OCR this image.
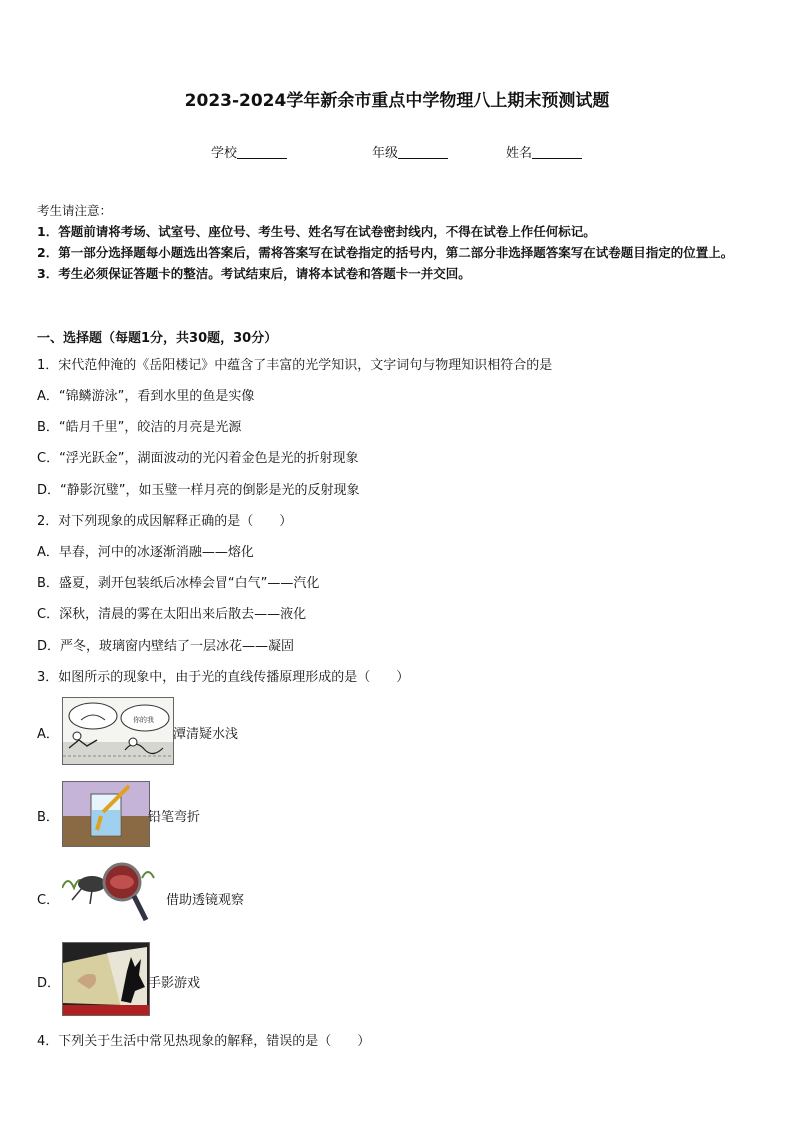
2023-2024学年新余市重点中学物理八上期末预测试题
学校	年级	姓名
考生请注意：
1．答题前请将考场、试室号、座位号、考生号、姓名写在试卷密封线内，不得在试卷上作任何标记。
2．第一部分选择题每小题选出答案后，需将答案写在试卷指定的括号内，第二部分非选择题答案写在试卷题目指定的位置上。
3．考生必须保证答题卡的整洁。考试结束后，请将本试卷和答题卡一并交回。
一、选择题（每题1分，共30题，30分）
1．宋代范仲淹的《岳阳楼记》中蕴含了丰富的光学知识，文字词句与物理知识相符合的是
A．“锦鳞游泳”，看到水里的鱼是实像
B．“皓月千里”，皎洁的月亮是光源
C．“浮光跃金”，湖面波动的光闪着金色是光的折射现象
D．“静影沉璧”，如玉璧一样月亮的倒影是光的反射现象
2．对下列现象的成因解释正确的是（　　）
A．早春，河中的冰逐渐消融——熔化
B．盛夏，剥开包装纸后冰棒会冒“白气”——汽化
C．深秋，清晨的雾在太阳出来后散去——液化
D．严冬，玻璃窗内壁结了一层冰花——凝固
3．如图所示的现象中，由于光的直线传播原理形成的是（　　）
A．
你的我
潭清疑水浅
B．	铅笔弯折
C．	借助透镜观察
D．	手影游戏
4．下列关于生活中常见热现象的解释，错误的是（　　）
